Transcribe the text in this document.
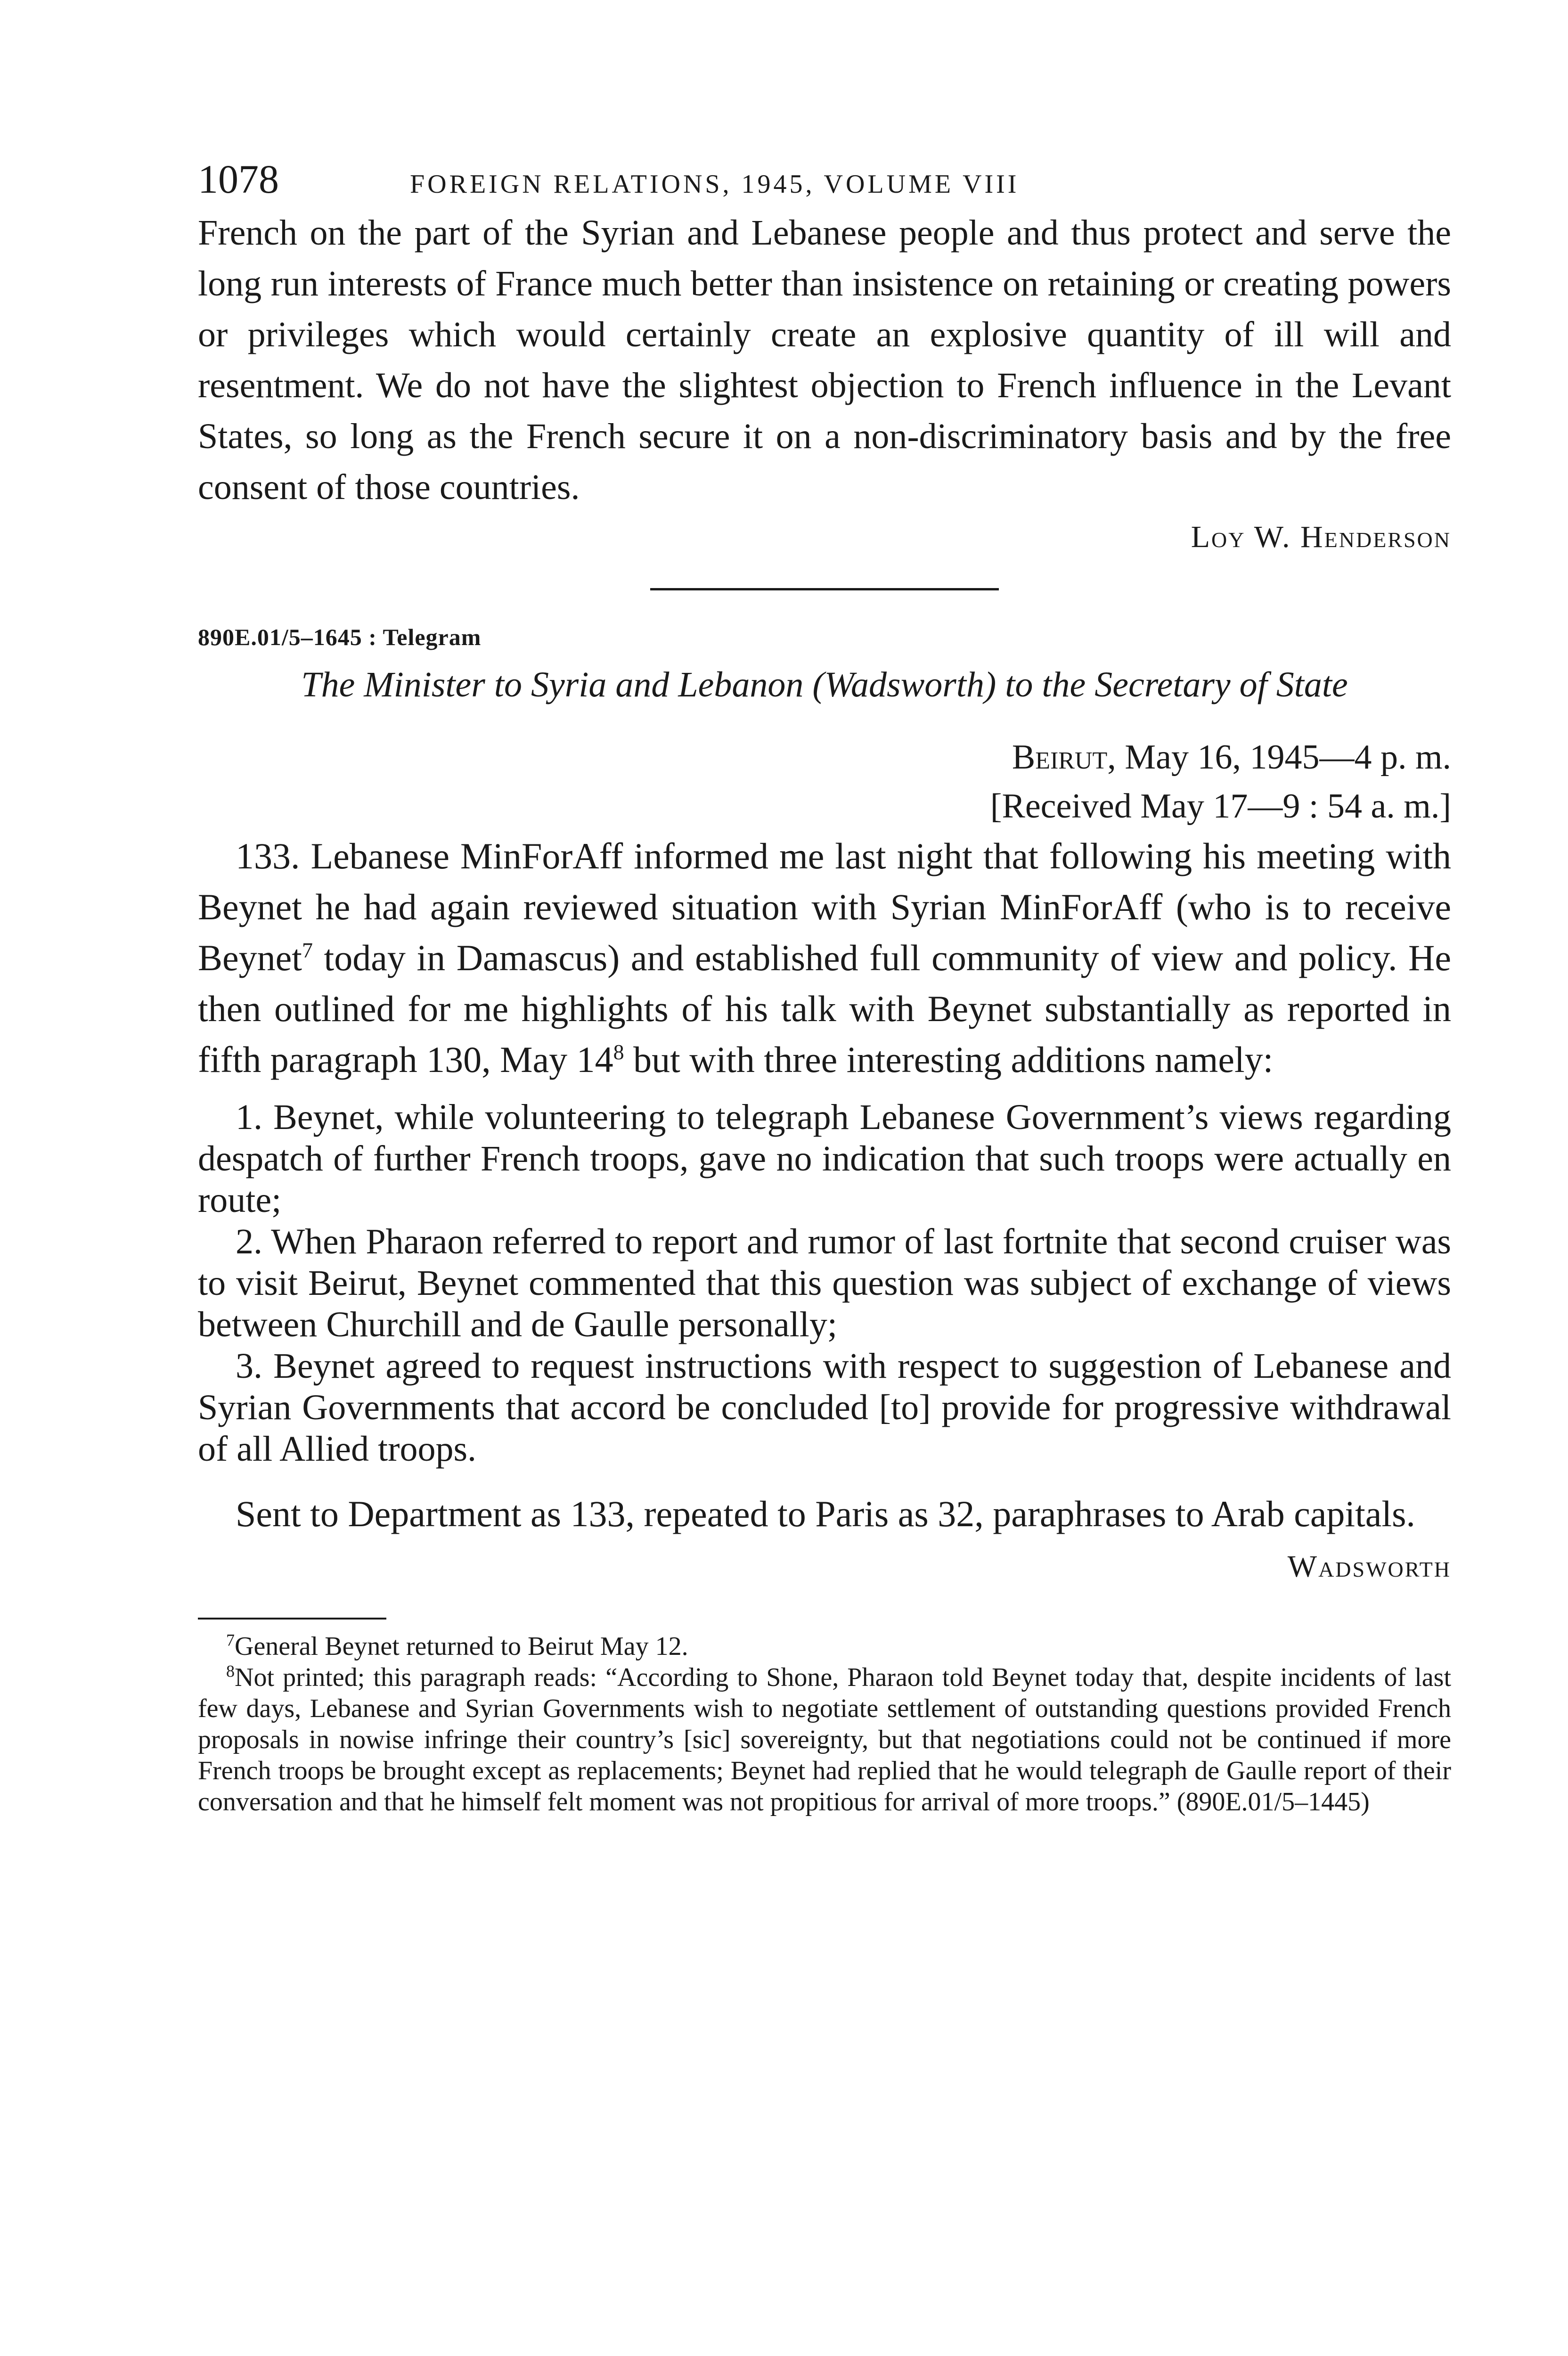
1078	FOREIGN RELATIONS, 1945, VOLUME VIII

French on the part of the Syrian and Lebanese people and thus protect and serve the long run interests of France much better than insistence on retaining or creating powers or privileges which would certainly create an explosive quantity of ill will and resentment. We do not have the slightest objection to French influence in the Levant States, so long as the French secure it on a non-discriminatory basis and by the free consent of those countries.

Loy W. Henderson
890E.01/5–1645 : Telegram

The Minister to Syria and Lebanon (Wadsworth) to the Secretary of State

Beirut, May 16, 1945—4 p. m.
[Received May 17—9 : 54 a. m.]

133. Lebanese MinForAff informed me last night that following his meeting with Beynet he had again reviewed situation with Syrian MinForAff (who is to receive Beynet$^7$ today in Damascus) and established full community of view and policy. He then outlined for me highlights of his talk with Beynet substantially as reported in fifth paragraph 130, May $14^8$ but with three interesting additions namely:

1. Beynet, while volunteering to telegraph Lebanese Government’s views regarding despatch of further French troops, gave no indication that such troops were actually en route;

2. When Pharaon referred to report and rumor of last fortnite that second cruiser was to visit Beirut, Beynet commented that this question was subject of exchange of views between Churchill and de Gaulle personally;

3. Beynet agreed to request instructions with respect to suggestion of Lebanese and Syrian Governments that accord be concluded [to] provide for progressive withdrawal of all Allied troops.

Sent to Department as 133, repeated to Paris as 32, paraphrases to Arab capitals.

Wadsworth

$^7$General Beynet returned to Beirut May 12.

$^8$Not printed; this paragraph reads: “According to Shone, Pharaon told Beynet today that, despite incidents of last few days, Lebanese and Syrian Governments wish to negotiate settlement of outstanding questions provided French proposals in nowise infringe their country’s [sic] sovereignty, but that negotiations could not be continued if more French troops be brought except as replacements; Beynet had replied that he would telegraph de Gaulle report of their conversation and that he himself felt moment was not propitious for arrival of more troops.” (890E.01/5–1445)
